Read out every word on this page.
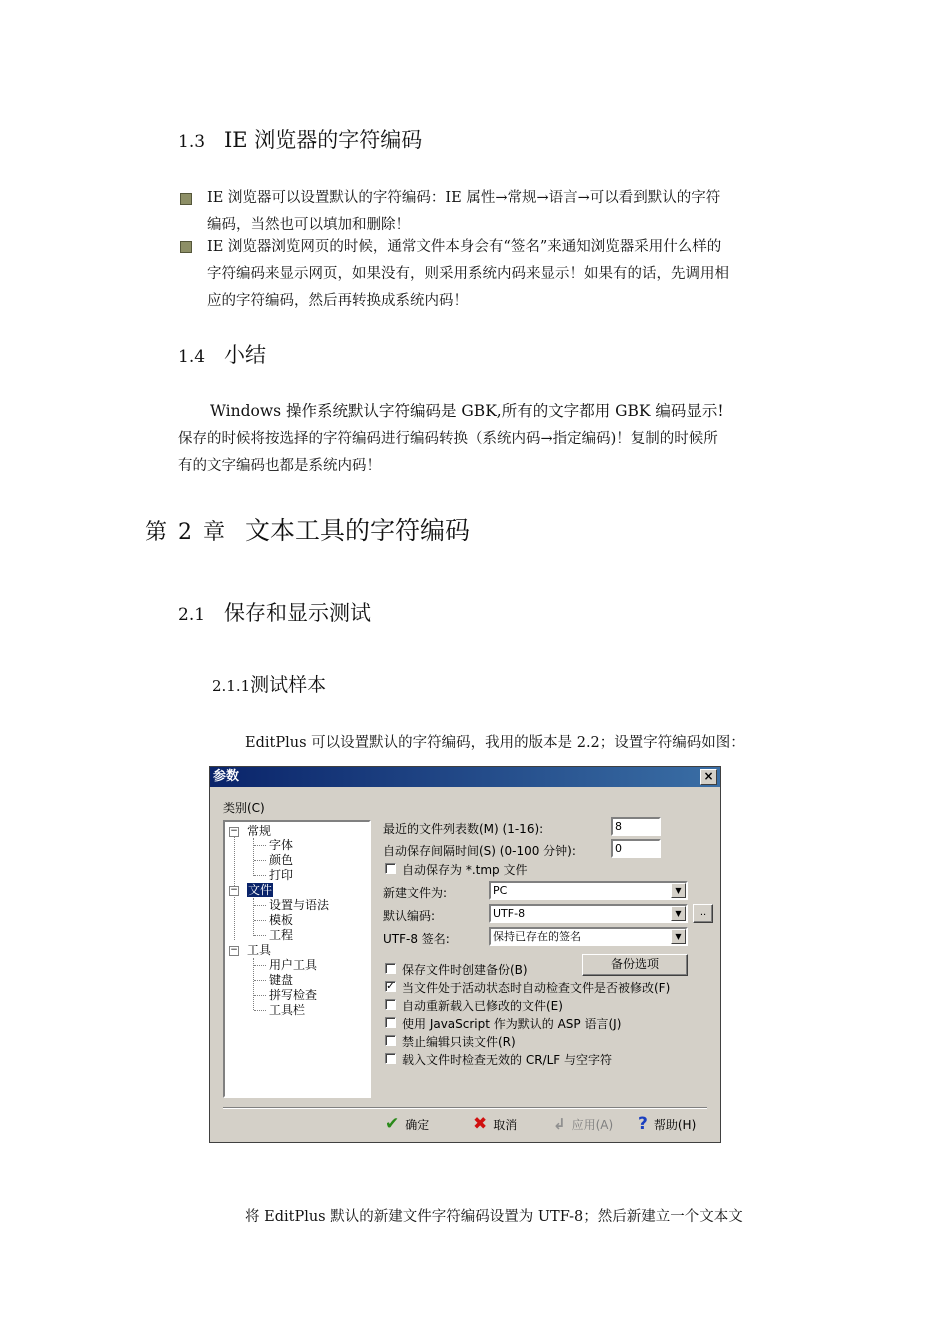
1.3 IE 浏览器的字符编码
IE 浏览器可以设置默认的字符编码：IE 属性→常规→语言→可以看到默认的字符
编码，当然也可以填加和删除！
IE 浏览器浏览网页的时候，通常文件本身会有“签名”来通知浏览器采用什么样的
字符编码来显示网页，如果没有，则采用系统内码来显示！如果有的话，先调用相
应的字符编码，然后再转换成系统内码！
1.4 小结
Windows 操作系统默认字符编码是 GBK,所有的文字都用 GBK 编码显示!
保存的时候将按选择的字符编码进行编码转换（系统内码→指定编码)！复制的时候所
有的文字编码也都是系统内码！
第 2 章 文本工具的字符编码
2.1 保存和显示测试
2.1.1测试样本
EditPlus 可以设置默认的字符编码，我用的版本是 2.2；设置字符编码如图：
参数	×
类别(C)
− 常规
字体
颜色
打印
− 文件
设置与语法
模板
工程
− 工具
用户工具
键盘
拼写检查
工具栏
最近的文件列表数(M) (1-16):	8
自动保存间隔时间(S) (0-100 分钟):	0
自动保存为 *.tmp 文件
新建文件为:	PC	▼
默认编码:	UTF-8	▼	..
UTF-8 签名:	保持已存在的签名	▼
保存文件时创建备份(B)	备份选项
✓ 当文件处于活动状态时自动检查文件是否被修改(F)
自动重新载入已修改的文件(E)
使用 JavaScript 作为默认的 ASP 语言(J)
禁止编辑只读文件(R)
载入文件时检查无效的 CR/LF 与空字符
✔ 确定	✖ 取消 ↲ 应用(A) ? 帮助(H)
将 EditPlus 默认的新建文件字符编码设置为 UTF-8；然后新建立一个文本文
